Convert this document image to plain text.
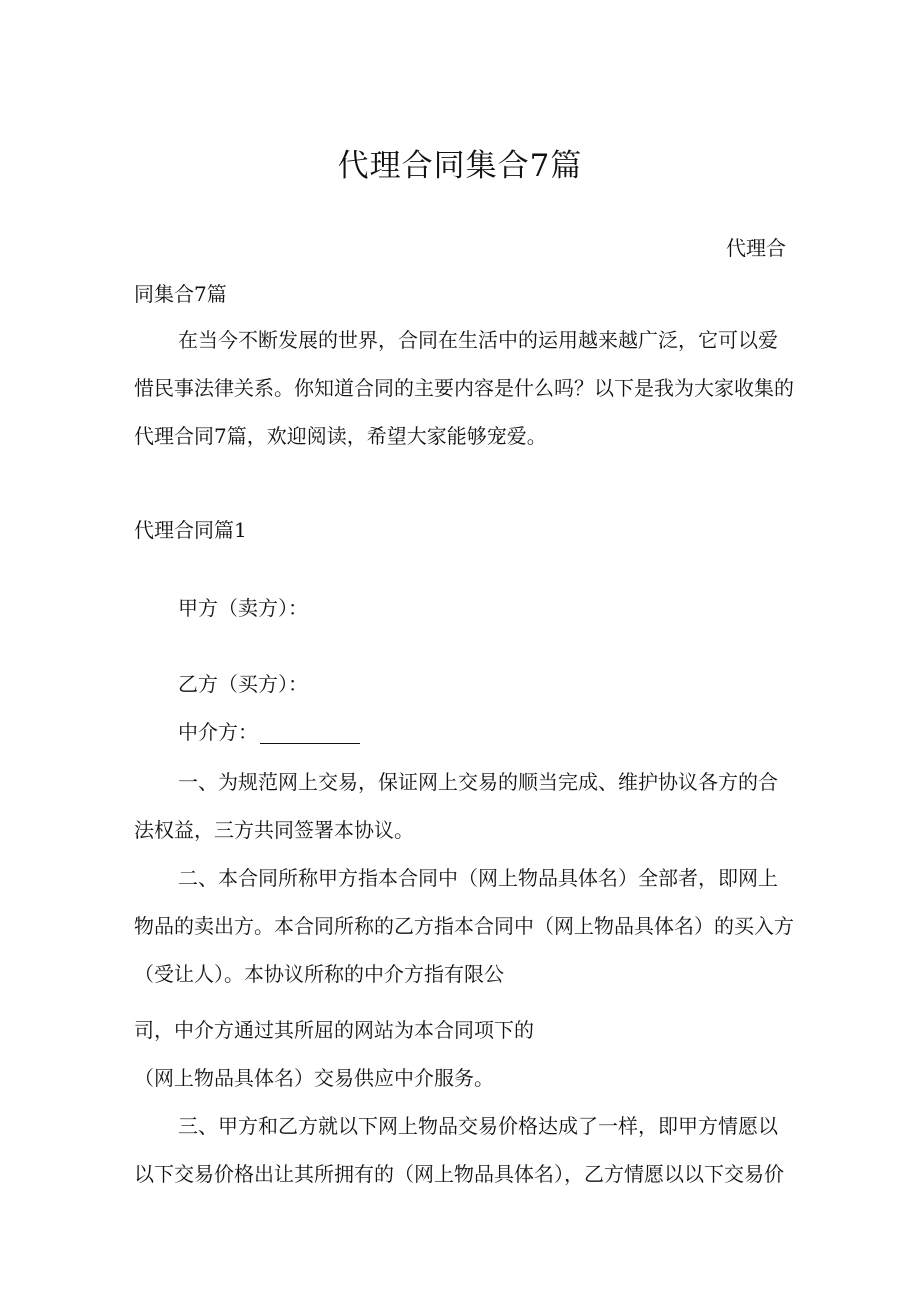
代理合同集合7篇
代理合
同集合7篇
在当今不断发展的世界，合同在生活中的运用越来越广泛，它可以爱
惜民事法律关系。你知道合同的主要内容是什么吗？以下是我为大家收集的
代理合同7篇，欢迎阅读，希望大家能够宠爱。
代理合同篇1
甲方（卖方）：
乙方（买方）：
中介方：
一、为规范网上交易，保证网上交易的顺当完成、维护协议各方的合
法权益，三方共同签署本协议。
二、本合同所称甲方指本合同中（网上物品具体名）全部者，即网上
物品的卖出方。本合同所称的乙方指本合同中（网上物品具体名）的买入方
（受让人）。本协议所称的中介方指有限公
司，中介方通过其所屈的网站为本合同项下的
（网上物品具体名）交易供应中介服务。
三、甲方和乙方就以下网上物品交易价格达成了一样，即甲方情愿以
以下交易价格出让其所拥有的（网上物品具体名），乙方情愿以以下交易价
